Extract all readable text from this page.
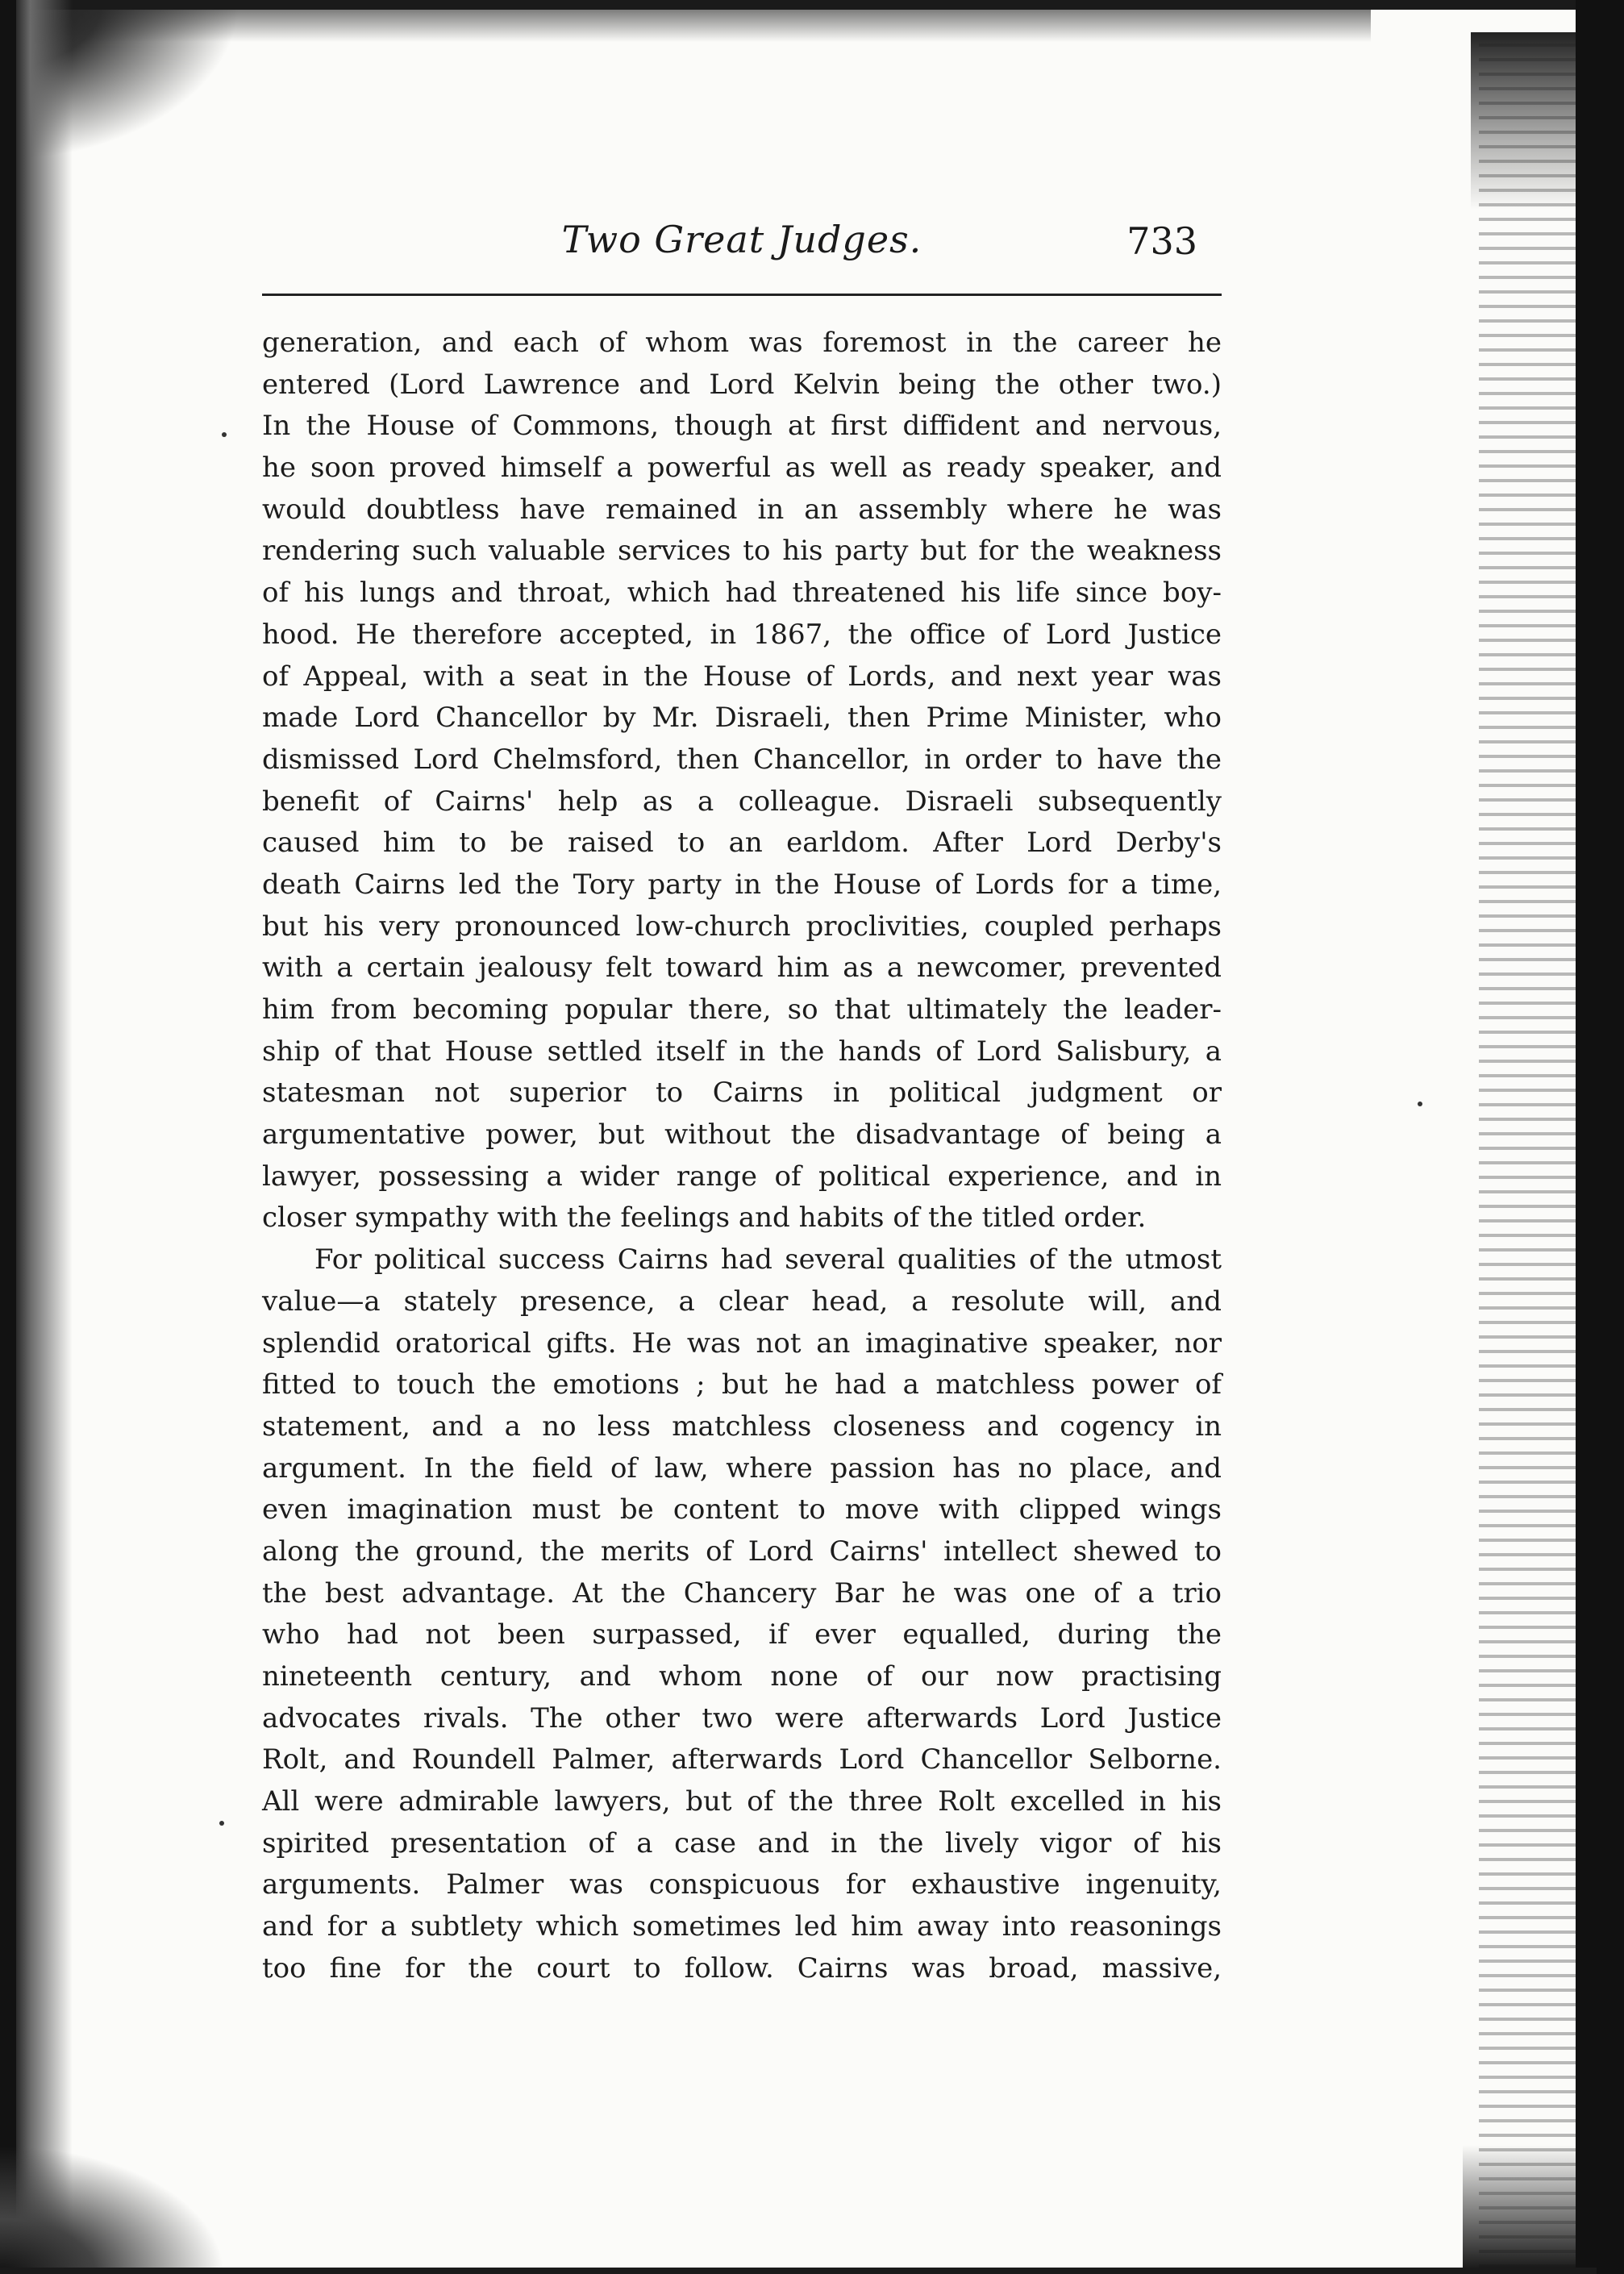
Two Great Judges.	733
generation, and each of whom was foremost in the career he
entered (Lord Lawrence and Lord Kelvin being the other two.)
In the House of Commons, though at first diffident and nervous,
he soon proved himself a powerful as well as ready speaker, and
would doubtless have remained in an assembly where he was
rendering such valuable services to his party but for the weakness
of his lungs and throat, which had threatened his life since boy-
hood. He therefore accepted, in 1867, the office of Lord Justice
of Appeal, with a seat in the House of Lords, and next year was
made Lord Chancellor by Mr. Disraeli, then Prime Minister, who
dismissed Lord Chelmsford, then Chancellor, in order to have the
benefit of Cairns' help as a colleague. Disraeli subsequently
caused him to be raised to an earldom. After Lord Derby's
death Cairns led the Tory party in the House of Lords for a time,
but his very pronounced low-church proclivities, coupled perhaps
with a certain jealousy felt toward him as a newcomer, prevented
him from becoming popular there, so that ultimately the leader-
ship of that House settled itself in the hands of Lord Salisbury, a
statesman not superior to Cairns in political judgment or
argumentative power, but without the disadvantage of being a
lawyer, possessing a wider range of political experience, and in
closer sympathy with the feelings and habits of the titled order.
For political success Cairns had several qualities of the utmost
value—a stately presence, a clear head, a resolute will, and
splendid oratorical gifts. He was not an imaginative speaker, nor
fitted to touch the emotions ; but he had a matchless power of
statement, and a no less matchless closeness and cogency in
argument. In the field of law, where passion has no place, and
even imagination must be content to move with clipped wings
along the ground, the merits of Lord Cairns' intellect shewed to
the best advantage. At the Chancery Bar he was one of a trio
who had not been surpassed, if ever equalled, during the
nineteenth century, and whom none of our now practising
advocates rivals. The other two were afterwards Lord Justice
Rolt, and Roundell Palmer, afterwards Lord Chancellor Selborne.
All were admirable lawyers, but of the three Rolt excelled in his
spirited presentation of a case and in the lively vigor of his
arguments. Palmer was conspicuous for exhaustive ingenuity,
and for a subtlety which sometimes led him away into reasonings
too fine for the court to follow. Cairns was broad, massive,
